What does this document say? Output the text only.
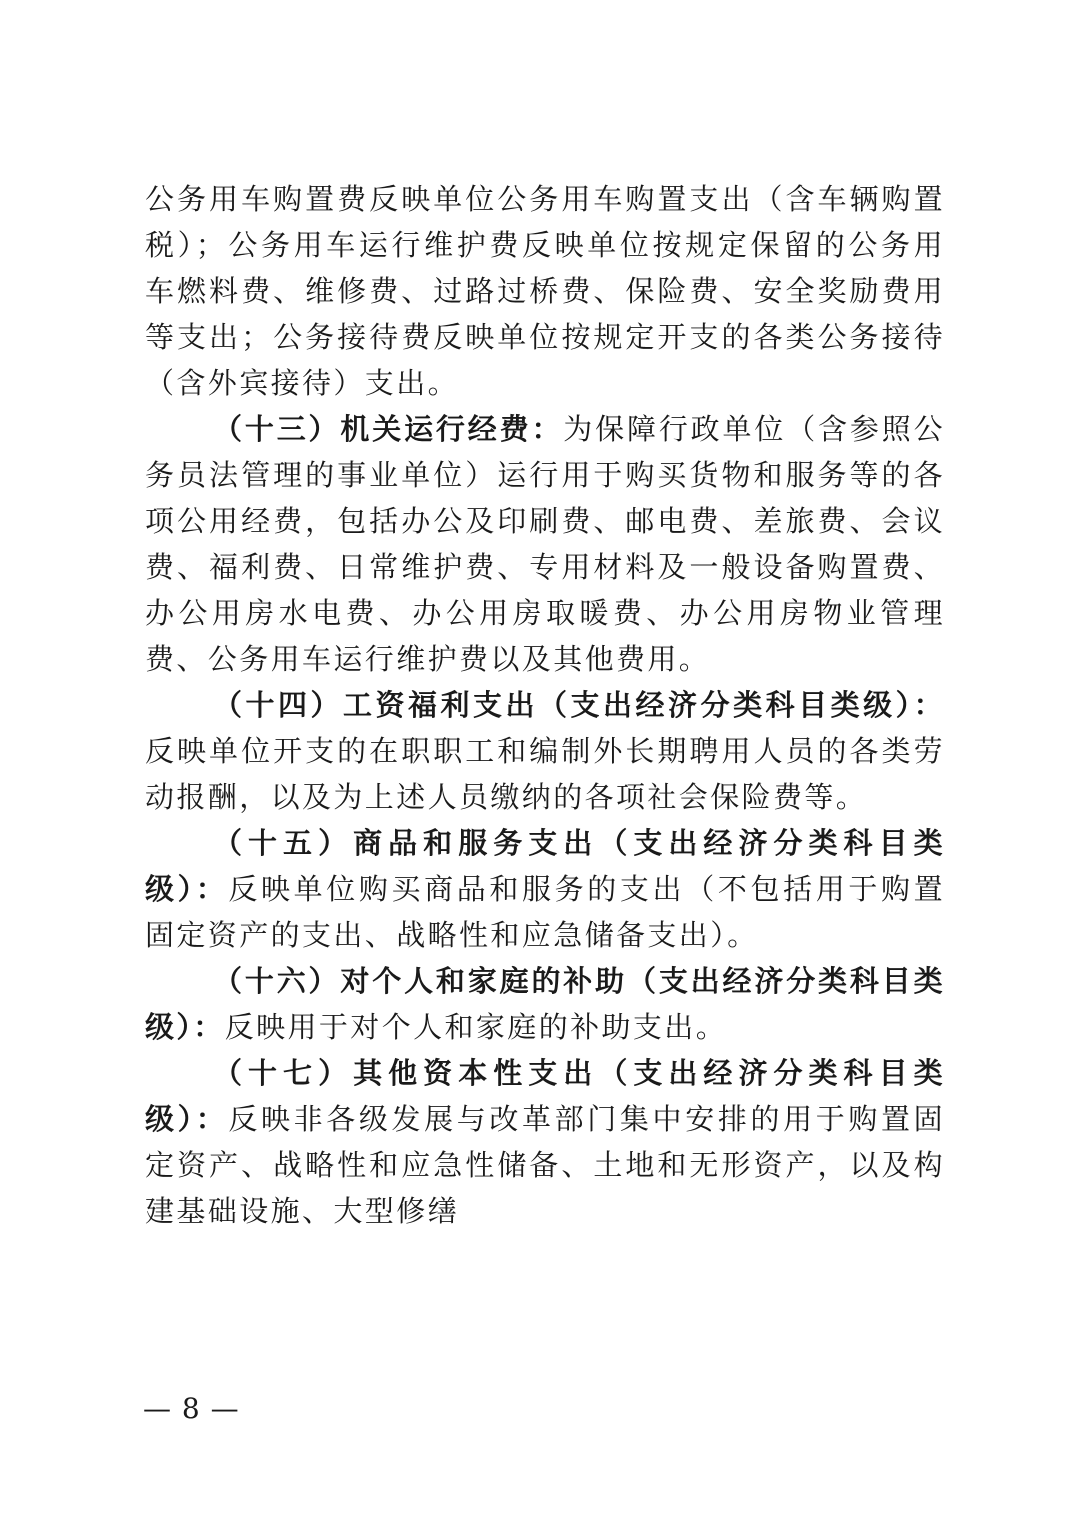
公务用车购置费反映单位公务用车购置支出（含车辆购置税）；公务用车运行维护费反映单位按规定保留的公务用车燃料费、维修费、过路过桥费、保险费、安全奖励费用等支出；公务接待费反映单位按规定开支的各类公务接待（含外宾接待）支出。

（十三）机关运行经费：为保障行政单位（含参照公务员法管理的事业单位）运行用于购买货物和服务等的各项公用经费，包括办公及印刷费、邮电费、差旅费、会议费、福利费、日常维护费、专用材料及一般设备购置费、办公用房水电费、办公用房取暖费、办公用房物业管理费、公务用车运行维护费以及其他费用。

（十四）工资福利支出（支出经济分类科目类级）：反映单位开支的在职职工和编制外长期聘用人员的各类劳动报酬，以及为上述人员缴纳的各项社会保险费等。

（十五）商品和服务支出（支出经济分类科目类级）：反映单位购买商品和服务的支出（不包括用于购置固定资产的支出、战略性和应急储备支出）。

（十六）对个人和家庭的补助（支出经济分类科目类级）：反映用于对个人和家庭的补助支出。

（十七）其他资本性支出（支出经济分类科目类级）：反映非各级发展与改革部门集中安排的用于购置固定资产、战略性和应急性储备、土地和无形资产，以及构建基础设施、大型修缮

— 8 —
